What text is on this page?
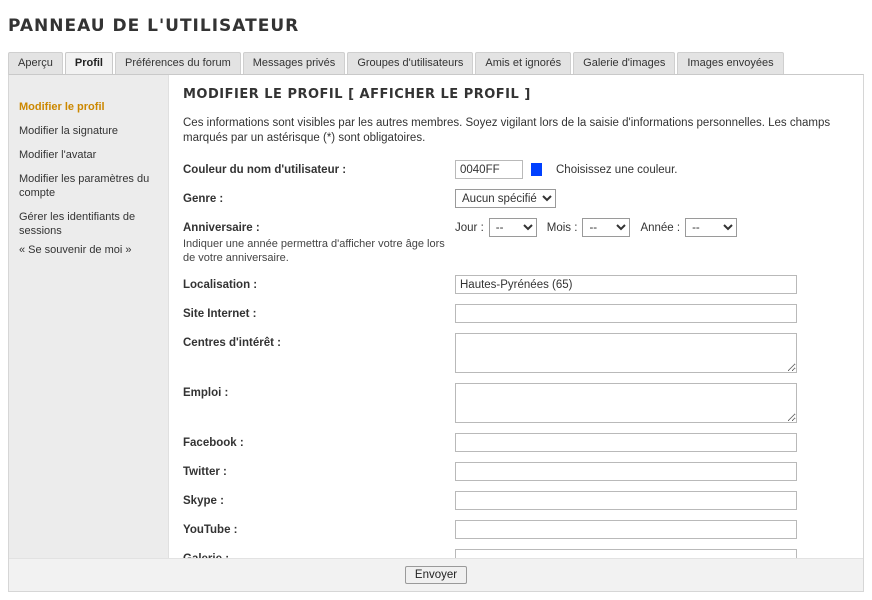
PANNEAU DE L'UTILISATEUR
Aperçu	Profil	Préférences du forum	Messages privés	Groupes d'utilisateurs	Amis et ignorés	Galerie d'images	Images envoyées
Modifier le profil
Modifier la signature
Modifier l'avatar
Modifier les paramètres du compte
Gérer les identifiants de sessions
« Se souvenir de moi »
MODIFIER LE PROFIL [ AFFICHER LE PROFIL ]
Ces informations sont visibles par les autres membres. Soyez vigilant lors de la saisie d'informations personnelles. Les champs marqués par un astérisque (*) sont obligatoires.
Couleur du nom d'utilisateur :
0040FF	Choisissez une couleur.
Genre :
Aucun spécifié
Anniversaire :
Indiquer une année permettra d'afficher votre âge lors de votre anniversaire.
Jour :
--	Mois :
--	Année :
--
Localisation :
Hautes-Pyrénées (65)
Site Internet :
Centres d'intérêt :
Emploi :
Facebook :
Twitter :
Skype :
YouTube :
Envoyer
